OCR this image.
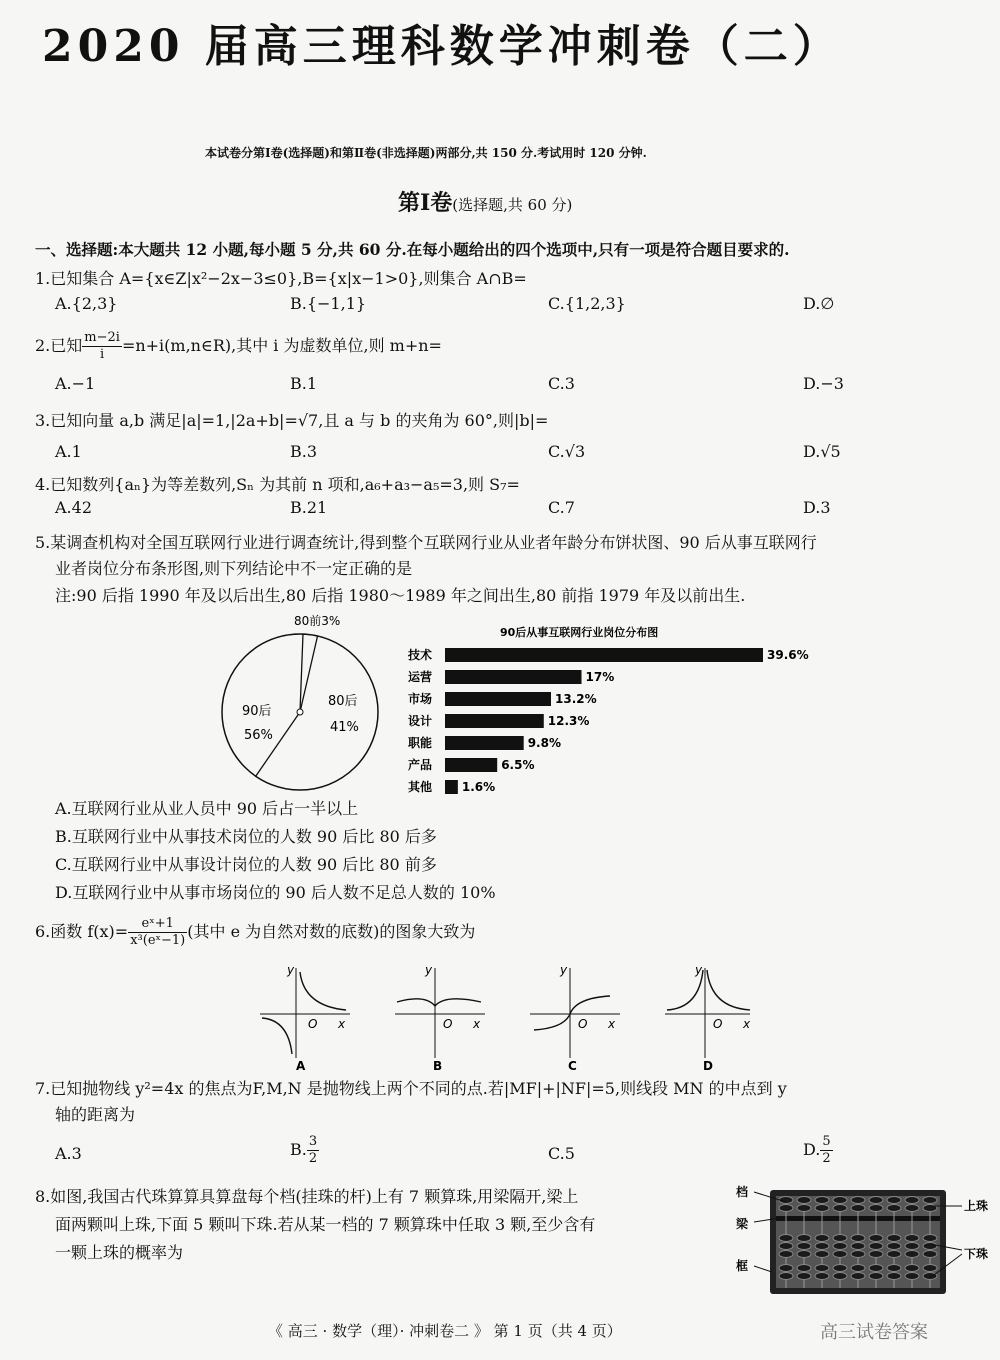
2020 届高三理科数学冲刺卷（二）
本试卷分第Ⅰ卷(选择题)和第Ⅱ卷(非选择题)两部分,共 150 分.考试用时 120 分钟.
第Ⅰ卷(选择题,共 60 分)
一、选择题:本大题共 12 小题,每小题 5 分,共 60 分.在每小题给出的四个选项中,只有一项是符合题目要求的.
1.已知集合 A={x∈Z|x²−2x−3≤0},B={x|x−1>0},则集合 A∩B=
A.{2,3}	B.{−1,1}	C.{1,2,3}	D.∅
2.已知 $\frac{m-2i}{i}$ =n+i(m,n∈R),其中 i 为虚数单位,则 m+n=
A.−1	B.1	C.3	D.−3
3.已知向量 a,b 满足|a|=1,|2a+b|=√7,且 a 与 b 的夹角为 60°,则|b|=
A.1	B.3	C.√3	D.√5
4.已知数列{aₙ}为等差数列,Sₙ 为其前 n 项和,a₆+a₃−a₅=3,则 S₇=
A.42	B.21	C.7	D.3
5.某调查机构对全国互联网行业进行调查统计,得到整个互联网行业从业者年龄分布饼状图、90 后从事互联网行
业者岗位分布条形图,则下列结论中不一定正确的是
注:90 后指 1990 年及以后出生,80 后指 1980～1989 年之间出生,80 前指 1979 年及以前出生.
90后
56%
80后
41%
80前3%
90后从事互联网行业岗位分布图
技术	39.6%
运营	17%
市场	13.2%
设计	12.3%
职能	9.8%
产品	6.5%
其他 1.6%
A.互联网行业从业人员中 90 后占一半以上
B.互联网行业中从事技术岗位的人数 90 后比 80 后多
C.互联网行业中从事设计岗位的人数 90 后比 80 前多
D.互联网行业中从事市场岗位的 90 后人数不足总人数的 10%
6.函数 $f(x)= \frac{\text{eˣ+1}}{\text{x³(eˣ−1)}}$ (其中 e 为自然对数的底数)的图象大致为
y
O x
A
y
O x
B
y
O x
C
y
O x
D
7.已知抛物线 y²=4x 的焦点为F,M,N 是抛物线上两个不同的点.若|MF|+|NF|=5,则线段 MN 的中点到 y
轴的距离为
A.3	B. $\frac{3}{2}$	C.5	D. $\frac{5}{2}$
8.如图,我国古代珠算算具算盘每个档(挂珠的杆)上有 7 颗算珠,用梁隔开,梁上
面两颗叫上珠,下面 5 颗叫下珠.若从某一档的 7 颗算珠中任取 3 颗,至少含有
一颗上珠的概率为
档
梁
框
上珠
下珠
《 高三 · 数学（理）· 冲刺卷二 》 第 1 页（共 4 页）	高三试卷答案
